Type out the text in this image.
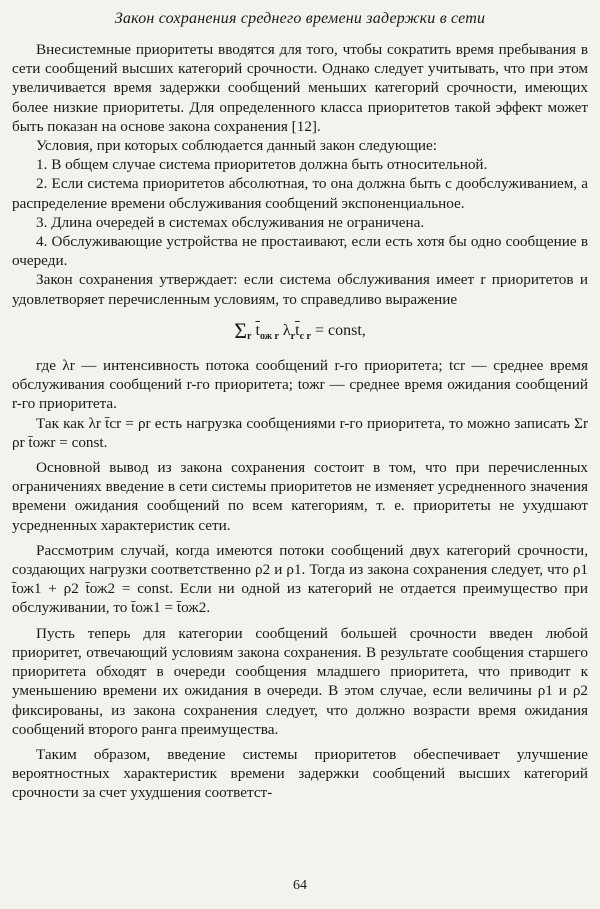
Закон сохранения среднего времени задержки в сети

Внесистемные приоритеты вводятся для того, чтобы сократить время пребывания в сети сообщений высших категорий срочности. Однако следует учитывать, что при этом увеличивается время задержки сообщений меньших категорий срочности, имеющих более низкие приоритеты. Для определенного класса приоритетов такой эффект может быть показан на основе закона сохранения [12].

Условия, при которых соблюдается данный закон следующие:

1. В общем случае система приоритетов должна быть относительной.

2. Если система приоритетов абсолютная, то она должна быть с дообслуживанием, а распределение времени обслуживания сообщений экспоненциальное.

3. Длина очередей в системах обслуживания не ограничена.

4. Обслуживающие устройства не простаивают, если есть хотя бы одно сообщение в очереди.

Закон сохранения утверждает: если система обслуживания имеет r приоритетов и удовлетворяет перечисленным условиям, то справедливо выражение

$\Sigma_r$ $\overline{t}_{ож r}$ $\lambda_r\overline{t}_{c r}$ = const,

где λr — интенсивность потока сообщений r-го приоритета; tcr — среднее время обслуживания сообщений r-го приоритета; tожr — среднее время ожидания сообщений r-го приоритета.

Так как λr t̄cr = ρr есть нагрузка сообщениями r-го приоритета, то можно записать Σr ρr t̄ожr = const.

Основной вывод из закона сохранения состоит в том, что при перечисленных ограничениях введение в сети системы приоритетов не изменяет усредненного значения времени ожидания сообщений по всем категориям, т. е. приоритеты не ухудшают усредненных характеристик сети.

Рассмотрим случай, когда имеются потоки сообщений двух категорий срочности, создающих нагрузки соответственно ρ2 и ρ1. Тогда из закона сохранения следует, что ρ1 t̄ож1 + ρ2 t̄ож2 = const. Если ни одной из категорий не отдается преимущество при обслуживании, то t̄ож1 = t̄ож2.

Пусть теперь для категории сообщений большей срочности введен любой приоритет, отвечающий условиям закона сохранения. В результате сообщения старшего приоритета обходят в очереди сообщения младшего приоритета, что приводит к уменьшению времени их ожидания в очереди. В этом случае, если величины ρ1 и ρ2 фиксированы, из закона сохранения следует, что должно возрасти время ожидания сообщений второго ранга преимущества.

Таким образом, введение системы приоритетов обеспечивает улучшение вероятностных характеристик времени задержки сообщений высших категорий срочности за счет ухудшения соответст-

64
